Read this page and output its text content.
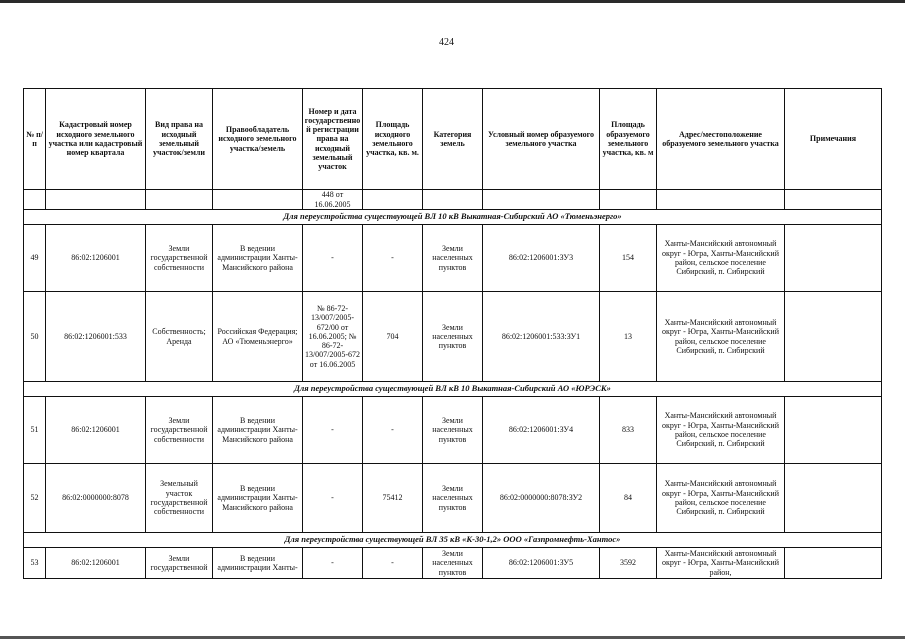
424
№ п/п	Кадастровый номер исходного земельного участка или кадастровый номер квартала	Вид права на исходный земельный участок/земли	Правообладатель исходного земельного участка/земель	Номер и дата государственной регистрации права на исходный земельный участок	Площадь исходного земельного участка, кв. м.	Категория земель	Условный номер образуемого земельного участка	Площадь образуемого земельного участка, кв. м	Адрес/местоположение образуемого земельного участка	Примечания
				448 от 16.06.2005						
Для переустройства существующей ВЛ 10 кВ Выкатная-Сибирский АО «Тюменьэнерго»										
49	86:02:1206001	Земли государственной собственности	В ведении администрации Ханты-Мансийского района	-	-	Земли населенных пунктов	86:02:1206001:ЗУ3	154	Ханты-Мансийский автономный округ - Югра, Ханты-Мансийский район, сельское поселение Сибирский, п. Сибирский	
50	86:02:1206001:533	Собственность; Аренда	Российская Федерация; АО «Тюменьэнерго»	№ 86-72-13/007/2005-672/00 от 16.06.2005; № 86-72-13/007/2005-672 от 16.06.2005	704	Земли населенных пунктов	86:02:1206001:533:ЗУ1	13	Ханты-Мансийский автономный округ - Югра, Ханты-Мансийский район, сельское поселение Сибирский, п. Сибирский	
Для переустройства существующей ВЛ кВ 10 Выкатная-Сибирский АО «ЮРЭСК»										
51	86:02:1206001	Земли государственной собственности	В ведении администрации Ханты-Мансийского района	-	-	Земли населенных пунктов	86:02:1206001:ЗУ4	833	Ханты-Мансийский автономный округ - Югра, Ханты-Мансийский район, сельское поселение Сибирский, п. Сибирский	
52	86:02:0000000:8078	Земельный участок государственной собственности	В ведении администрации Ханты-Мансийского района	-	75412	Земли населенных пунктов	86:02:0000000:8078:ЗУ2	84	Ханты-Мансийский автономный округ - Югра, Ханты-Мансийский район, сельское поселение Сибирский, п. Сибирский	
Для переустройства существующей ВЛ 35 кВ «К-30-1,2» ООО «Газпромнефть-Хантос»										
53	86:02:1206001	Земли государственной	В ведении администрации Ханты-	-	-	Земли населенных пунктов	86:02:1206001:ЗУ5	3592	Ханты-Мансийский автономный округ - Югра, Ханты-Мансийский район,	
